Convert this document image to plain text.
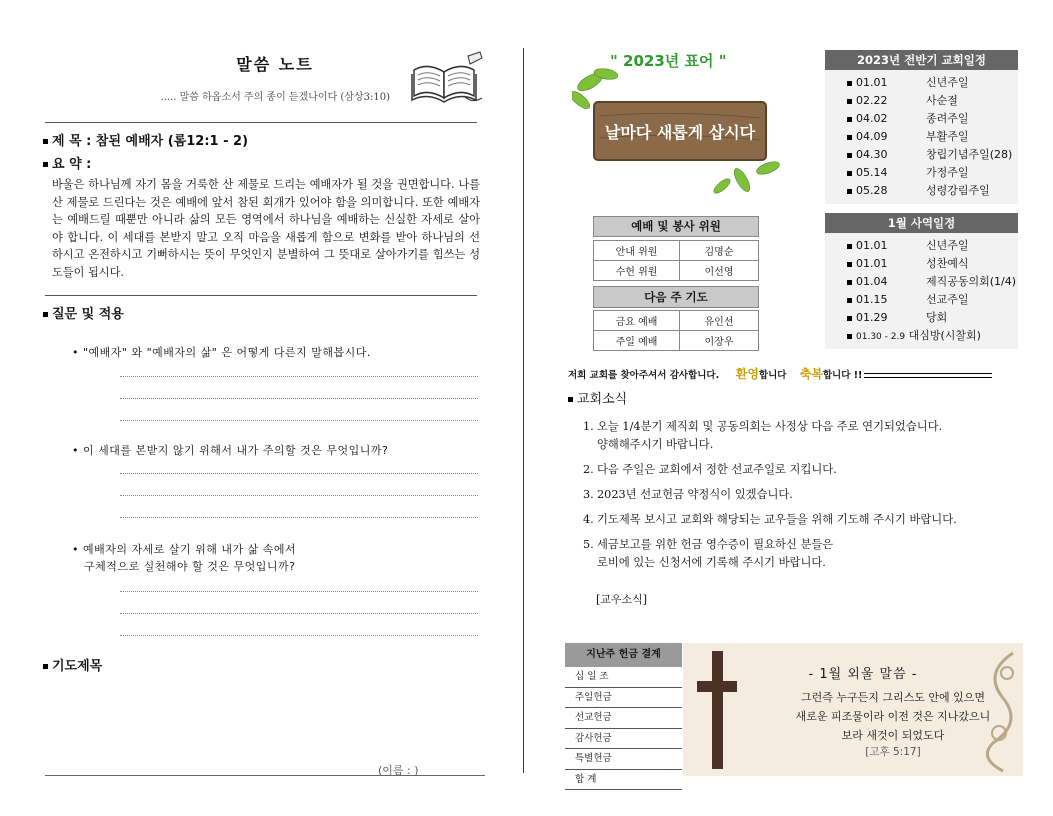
말씀 노트
..... 말씀 하옵소서 주의 종이 듣겠나이다 (삼상3:10)
제 목 : 참된 예배자 (롬12:1 - 2)
요 약 :
바울은 하나님께 자기 몸을 거룩한 산 제물로 드리는 예배자가 될 것을 권면합니다. 나를 산 제물로 드린다는 것은 예배에 앞서 참된 회개가 있어야 함을 의미합니다. 또한 예배자는 예배드릴 때뿐만 아니라 삶의 모든 영역에서 하나님을 예배하는 신실한 자세로 살아야 합니다. 이 세대를 본받지 말고 오직 마음을 새롭게 함으로 변화를 받아 하나님의 선하시고 온전하시고 기뻐하시는 뜻이 무엇인지 분별하여 그 뜻대로 살아가기를 힘쓰는 성도들이 됩시다.
질문 및 적용
• "예배자" 와 "예배자의 삶" 은 어떻게 다른지 말해봅시다.
• 이 세대를 본받지 않기 위해서 내가 주의할 것은 무엇입니까?
• 예배자의 자세로 살기 위해 내가 삶 속에서
구체적으로 실천해야 할 것은 무엇입니까?
기도제목
(이름 : )
" 2023년 표어 "
날마다 새롭게 삽시다
예배 및 봉사 위원
안내 위원	김명순
수헌 위원	이선영
다음 주 기도
금요 예배	유인선
주일 예배	이장우
2023년 전반기 교회일정
01.01	신년주일
02.22	사순절
04.02	종려주일
04.09	부활주일
04.30	창립기념주일(28)
05.14	가정주일
05.28	성령강림주일
1월 사역일정
01.01	신년주일
01.01	성찬예식
01.04	제직공동의회(1/4)
01.15	선교주일
01.29	당회
01.30 - 2.9 대심방(시찰회)
저희 교회를 찾아주셔서 감사합니다. 환영합니다 축복합니다 !!
교회소식
1. 오늘 1/4분기 제직회 및 공동의회는 사정상 다음 주로 연기되었습니다.
양해해주시기 바랍니다.
2. 다음 주일은 교회에서 정한 선교주일로 지킵니다.
3. 2023년 선교헌금 약정식이 있겠습니다.
4. 기도제목 보시고 교회와 해당되는 교우들을 위해 기도해 주시기 바랍니다.
5. 세금보고를 위한 헌금 영수증이 필요하신 분들은
로비에 있는 신청서에 기록해 주시기 바랍니다.
[교우소식]
지난주 헌금 결계
십 일 조
주일헌금
선교헌금
감사헌금
특별헌금
합 계
- 1월 외울 말씀 -
그런즉 누구든지 그리스도 안에 있으면
새로운 피조물이라 이전 것은 지나갔으니
보라 새것이 되었도다
[고후 5:17]
